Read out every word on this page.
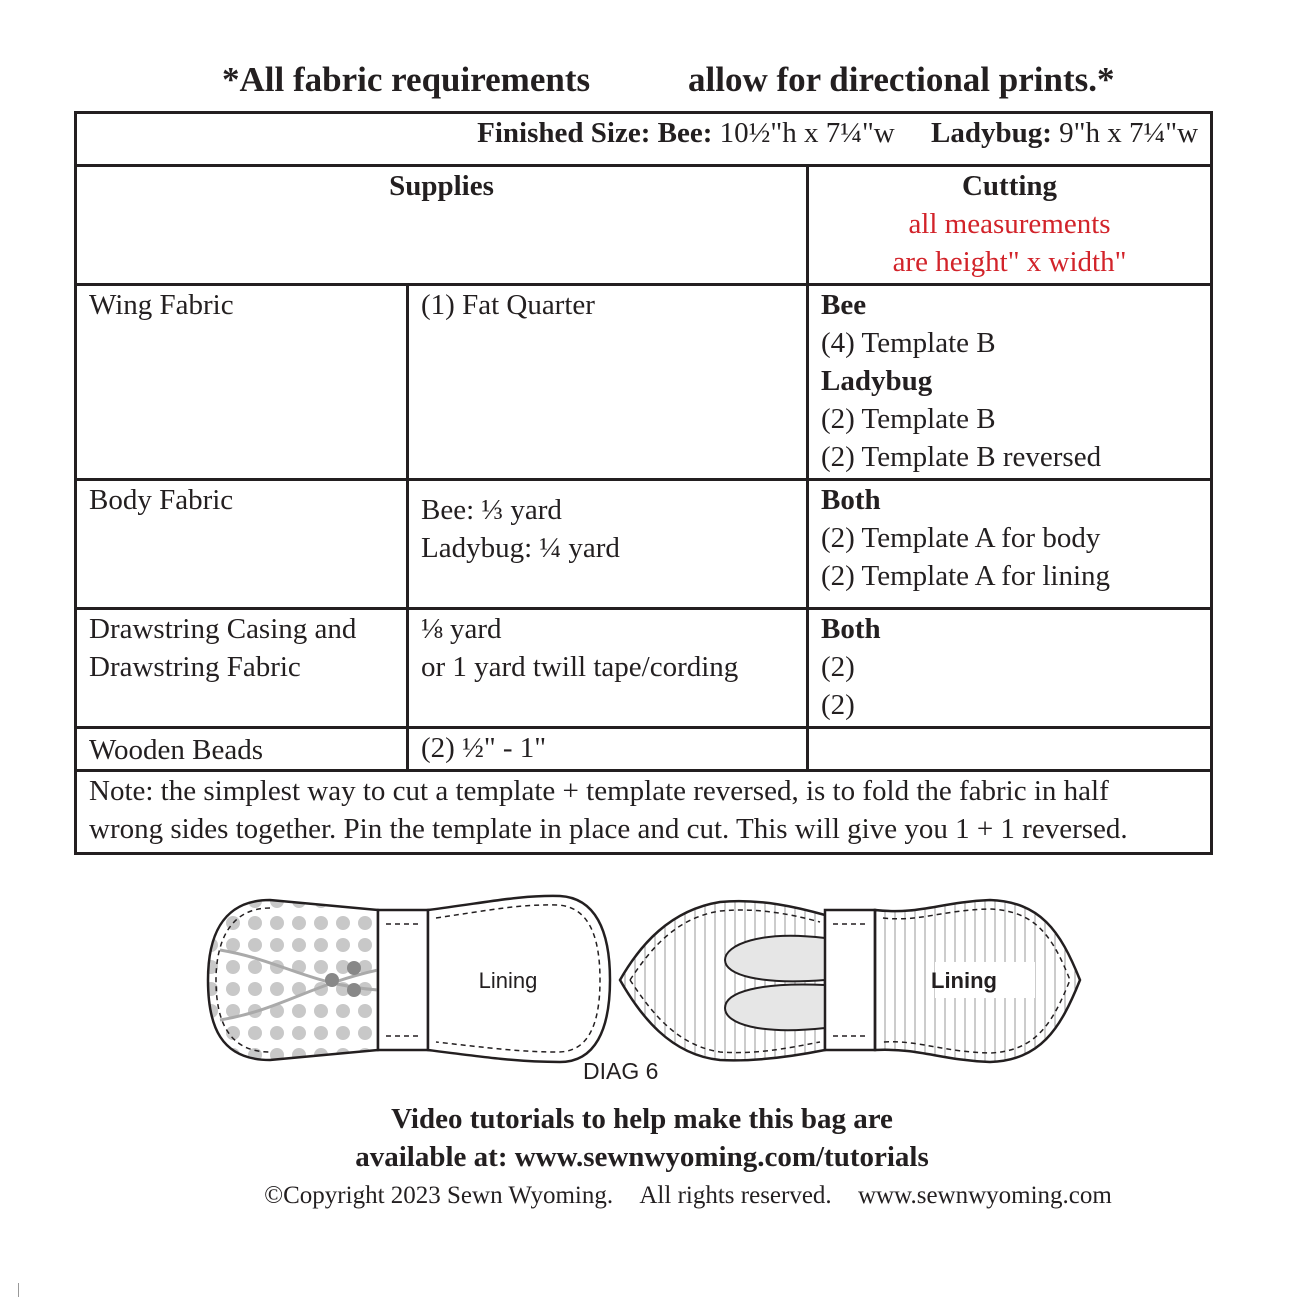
*All fabric requirements	allow for directional prints.*
Finished Size: Bee: 10½"h x 7¼"w Ladybug: 9"h x 7¼"w		
Supplies		Cutting
all measurements
are height" x width"

Wing Fabric	(1) Fat Quarter	Bee
(4) Template B
Ladybug
(2) Template B
(2) Template B reversed

Body Fabric	Bee: ⅓ yard
Ladybug: ¼ yard	Both
(2) Template A for body
(2) Template A for lining

Drawstring Casing and
Drawstring Fabric	⅛ yard
or 1 yard twill tape/cording	Both
(2)
(2)

Wooden Beads	(2) ½" - 1"	

Note: the simplest way to cut a template + template reversed, is to fold the fabric in half
wrong sides together. Pin the template in place and cut. This will give you 1 + 1 reversed.		
Lining	Lining
DIAG 6
Video tutorials to help make this bag are
available at: www.sewnwyoming.com/tutorials
©Copyright 2023 Sewn Wyoming. All rights reserved. www.sewnwyoming.com
